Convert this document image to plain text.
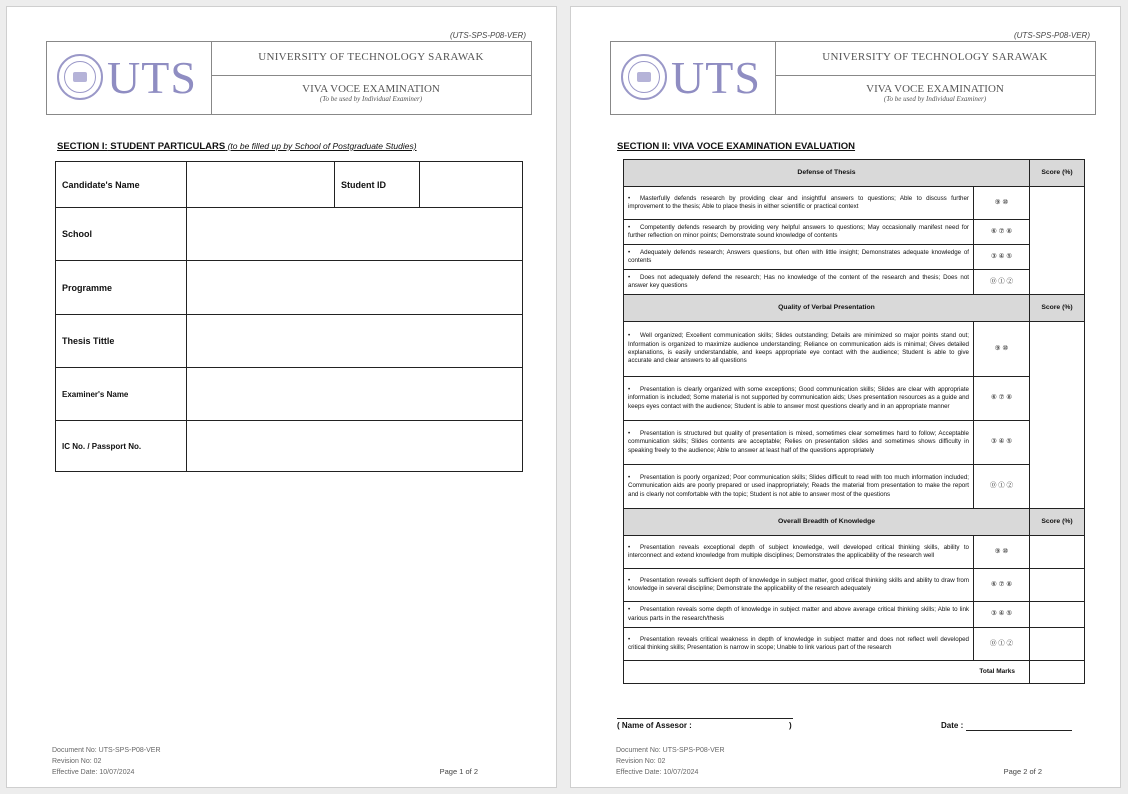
(UTS-SPS-P08-VER)
UTS	UNIVERSITY OF TECHNOLOGY SARAWAK
VIVA VOCE EXAMINATION
(To be used by Individual Examiner)
SECTION I: STUDENT PARTICULARS (to be filled up by School of Postgraduate Studies)
Candidate's Name		Student ID	
School			
Programme			
Thesis Tittle			
Examiner's Name			
IC No. / Passport No.			
Document No: UTS-SPS-P08-VER
Revision No: 02
Effective Date: 10/07/2024	Page 1 of 2
(UTS-SPS-P08-VER)
UTS	UNIVERSITY OF TECHNOLOGY SARAWAK
VIVA VOCE EXAMINATION
(To be used by Individual Examiner)
SECTION II: VIVA VOCE EXAMINATION EVALUATION
Defense of Thesis		Score (%)
• Masterfully defends research by providing clear and insightful answers to questions; Able to discuss further improvement to the thesis; Able to place thesis in either scientific or practical context	⑨ ⑩	
• Competently defends research by providing very helpful answers to questions; May occasionally manifest need for further reflection on minor points; Demonstrate sound knowledge of contents	⑥ ⑦ ⑧	
• Adequately defends research; Answers questions, but often with little insight; Demonstrates adequate knowledge of contents	③ ④ ⑤	
• Does not adequately defend the research; Has no knowledge of the content of the research and thesis; Does not answer key questions	⓪ ① ②	
Quality of Verbal Presentation		Score (%)
• Well organized; Excellent communication skills; Slides outstanding; Details are minimized so major points stand out; Information is organized to maximize audience understanding; Reliance on communication aids is minimal; Gives detailed explanations, is easily understandable, and keeps appropriate eye contact with the audience; Student is able to give accurate and clear answers to all questions	⑨ ⑩	
• Presentation is clearly organized with some exceptions; Good communication skills; Slides are clear with appropriate information is included; Some material is not supported by communication aids; Uses presentation resources as a guide and keeps eyes contact with the audience; Student is able to answer most questions clearly and in an appropriate manner	⑥ ⑦ ⑧	
• Presentation is structured but quality of presentation is mixed, sometimes clear sometimes hard to follow; Acceptable communication skills; Slides contents are acceptable; Relies on presentation slides and sometimes shows difficulty in speaking freely to the audience; Able to answer at least half of the questions appropriately	③ ④ ⑤	
• Presentation is poorly organized; Poor communication skills; Slides difficult to read with too much information included; Communication aids are poorly prepared or used inappropriately; Reads the material from presentation to make the report and is clearly not comfortable with the topic; Student is not able to answer most of the questions	⓪ ① ②	
Overall Breadth of Knowledge		Score (%)
• Presentation reveals exceptional depth of subject knowledge, well developed critical thinking skills, ability to interconnect and extend knowledge from multiple disciplines; Demonstrates the applicability of the research well	⑨ ⑩	
• Presentation reveals sufficient depth of knowledge in subject matter, good critical thinking skills and ability to draw from knowledge in several discipline; Demonstrate the applicability of the research adequately	⑥ ⑦ ⑧	
• Presentation reveals some depth of knowledge in subject matter and above average critical thinking skills; Able to link various parts in the research/thesis	③ ④ ⑤	
• Presentation reveals critical weakness in depth of knowledge in subject matter and does not reflect well developed critical thinking skills; Presentation is narrow in scope; Unable to link various part of the research	⓪ ① ②	
Total Marks		
( Name of Assesor :	)	Date :
Document No: UTS-SPS-P08-VER
Revision No: 02
Effective Date: 10/07/2024	Page 2 of 2
